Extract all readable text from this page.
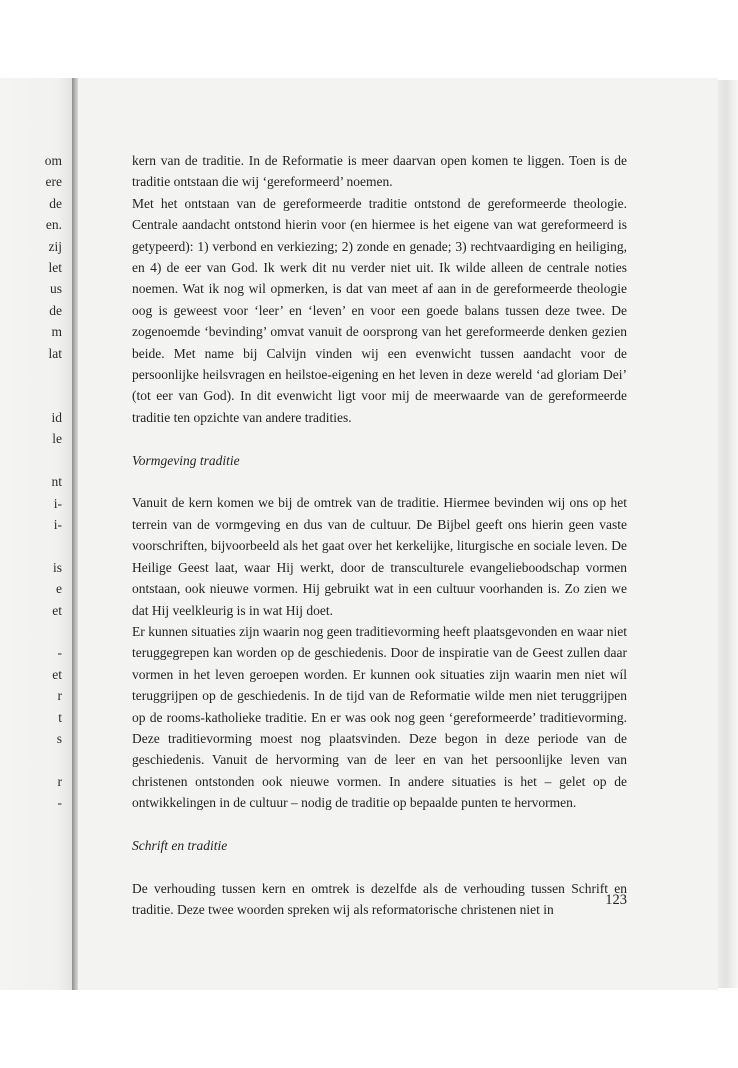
om
ere
de
en.
zij
let
us
de
m
lat

id
le

nt
i-
i-

is
e
et

-
et
r
t
s

r
-

kern van de traditie. In de Reformatie is meer daarvan open komen te liggen. Toen is de traditie ontstaan die wij ‘gereformeerd’ noemen.

Met het ontstaan van de gereformeerde traditie ontstond de gereformeerde theologie. Centrale aandacht ontstond hierin voor (en hiermee is het eigene van wat gereformeerd is getypeerd): 1) verbond en verkiezing; 2) zonde en genade; 3) rechtvaardiging en heiliging, en 4) de eer van God. Ik werk dit nu verder niet uit. Ik wilde alleen de centrale noties noemen. Wat ik nog wil opmerken, is dat van meet af aan in de gereformeerde theologie oog is geweest voor ‘leer’ en ‘leven’ en voor een goede balans tussen deze twee. De zogenoemde ‘bevinding’ omvat vanuit de oorsprong van het gereformeerde denken gezien beide. Met name bij Calvijn vinden wij een evenwicht tussen aandacht voor de persoonlijke heilsvragen en heilstoe-eigening en het leven in deze wereld ‘ad gloriam Dei’ (tot eer van God). In dit evenwicht ligt voor mij de meerwaarde van de gereformeerde traditie ten opzichte van andere tradities.

Vormgeving traditie

Vanuit de kern komen we bij de omtrek van de traditie. Hiermee bevinden wij ons op het terrein van de vormgeving en dus van de cultuur. De Bijbel geeft ons hierin geen vaste voorschriften, bijvoorbeeld als het gaat over het kerkelijke, liturgische en sociale leven. De Heilige Geest laat, waar Hij werkt, door de transculturele evangelieboodschap vormen ontstaan, ook nieuwe vormen. Hij gebruikt wat in een cultuur voorhanden is. Zo zien we dat Hij veelkleurig is in wat Hij doet.

Er kunnen situaties zijn waarin nog geen traditievorming heeft plaatsgevonden en waar niet teruggegrepen kan worden op de geschiedenis. Door de inspiratie van de Geest zullen daar vormen in het leven geroepen worden. Er kunnen ook situaties zijn waarin men niet wíl teruggrijpen op de geschiedenis. In de tijd van de Reformatie wilde men niet teruggrijpen op de rooms-katholieke traditie. En er was ook nog geen ‘gereformeerde’ traditievorming. Deze traditievorming moest nog plaatsvinden. Deze begon in deze periode van de geschiedenis. Vanuit de hervorming van de leer en van het persoonlijke leven van christenen ontstonden ook nieuwe vormen. In andere situaties is het – gelet op de ontwikkelingen in de cultuur – nodig de traditie op bepaalde punten te hervormen.

Schrift en traditie

De verhouding tussen kern en omtrek is dezelfde als de verhouding tussen Schrift en traditie. Deze twee woorden spreken wij als reformatorische christenen niet in

123
